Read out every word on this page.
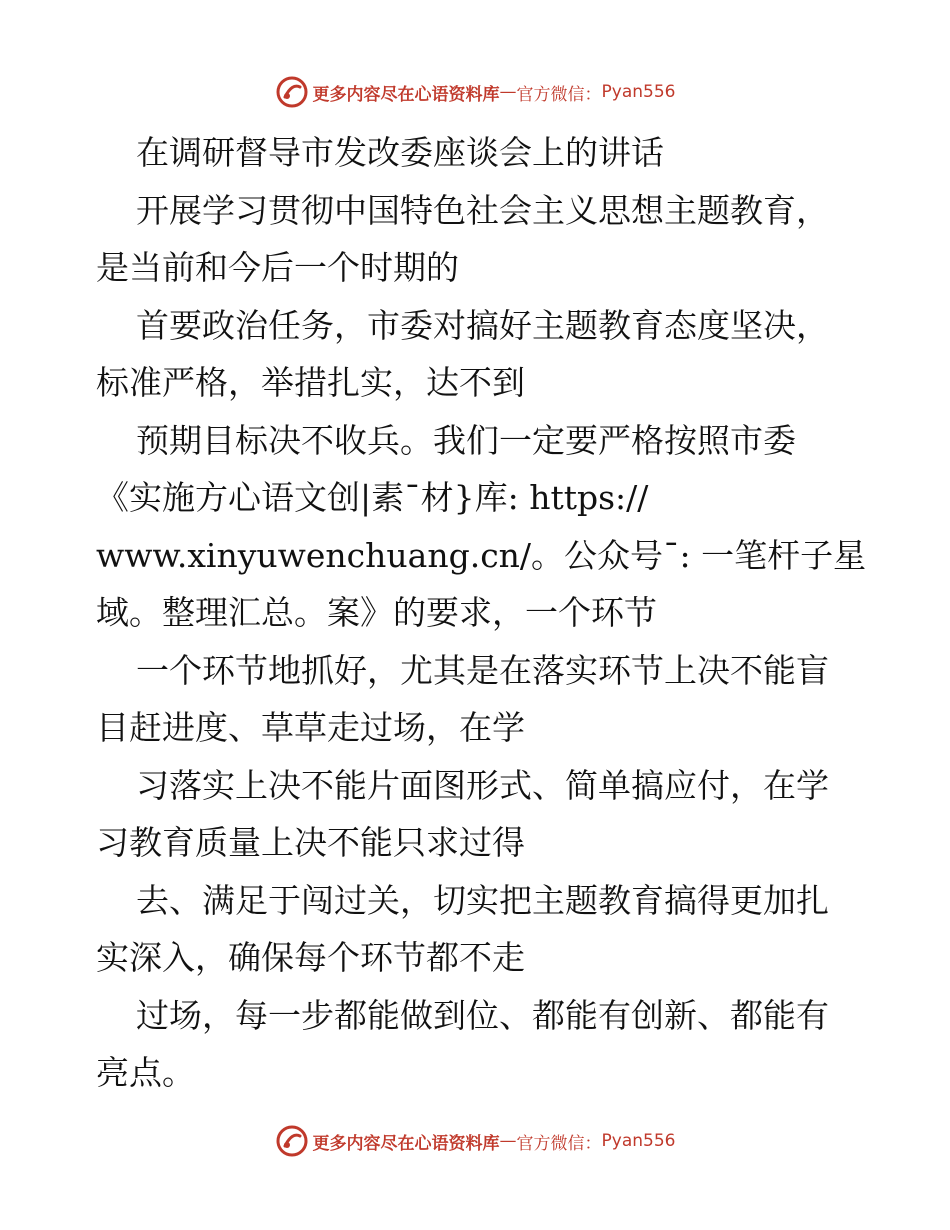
更多内容尽在心语资料库 — 官方微信： Pyan556

在调研督导市发改委座谈会上的讲话

开展学习贯彻中国特色社会主义思想主题教育，

是当前和今后一个时期的

首要政治任务，市委对搞好主题教育态度坚决，

标准严格，举措扎实，达不到

预期目标决不收兵。我们一定要严格按照市委

《实施方心语文创|素¯材}库: https://

www.xinyuwenchuang.cn/。公众号¯: 一笔杆子星

域。整理汇总。案》的要求，一个环节

一个环节地抓好，尤其是在落实环节上决不能盲

目赶进度、草草走过场，在学

习落实上决不能片面图形式、简单搞应付，在学

习教育质量上决不能只求过得

去、满足于闯过关，切实把主题教育搞得更加扎

实深入，确保每个环节都不走

过场，每一步都能做到位、都能有创新、都能有

亮点。

更多内容尽在心语资料库 — 官方微信： Pyan556
